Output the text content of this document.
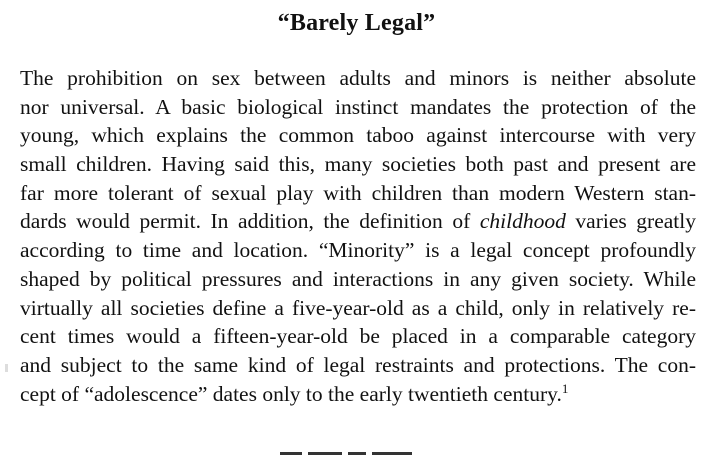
“Barely Legal”
The prohibition on sex between adults and minors is neither absolute
nor universal. A basic biological instinct mandates the protection of the
young, which explains the common taboo against intercourse with very
small children. Having said this, many societies both past and present are
far more tolerant of sexual play with children than modern Western stan-
dards would permit. In addition, the definition of childhood varies greatly
according to time and location. “Minority” is a legal concept profoundly
shaped by political pressures and interactions in any given society. While
virtually all societies define a five-year-old as a child, only in relatively re-
cent times would a fifteen-year-old be placed in a comparable category
and subject to the same kind of legal restraints and protections. The con-
cept of “adolescence” dates only to the early twentieth century.$^1$
